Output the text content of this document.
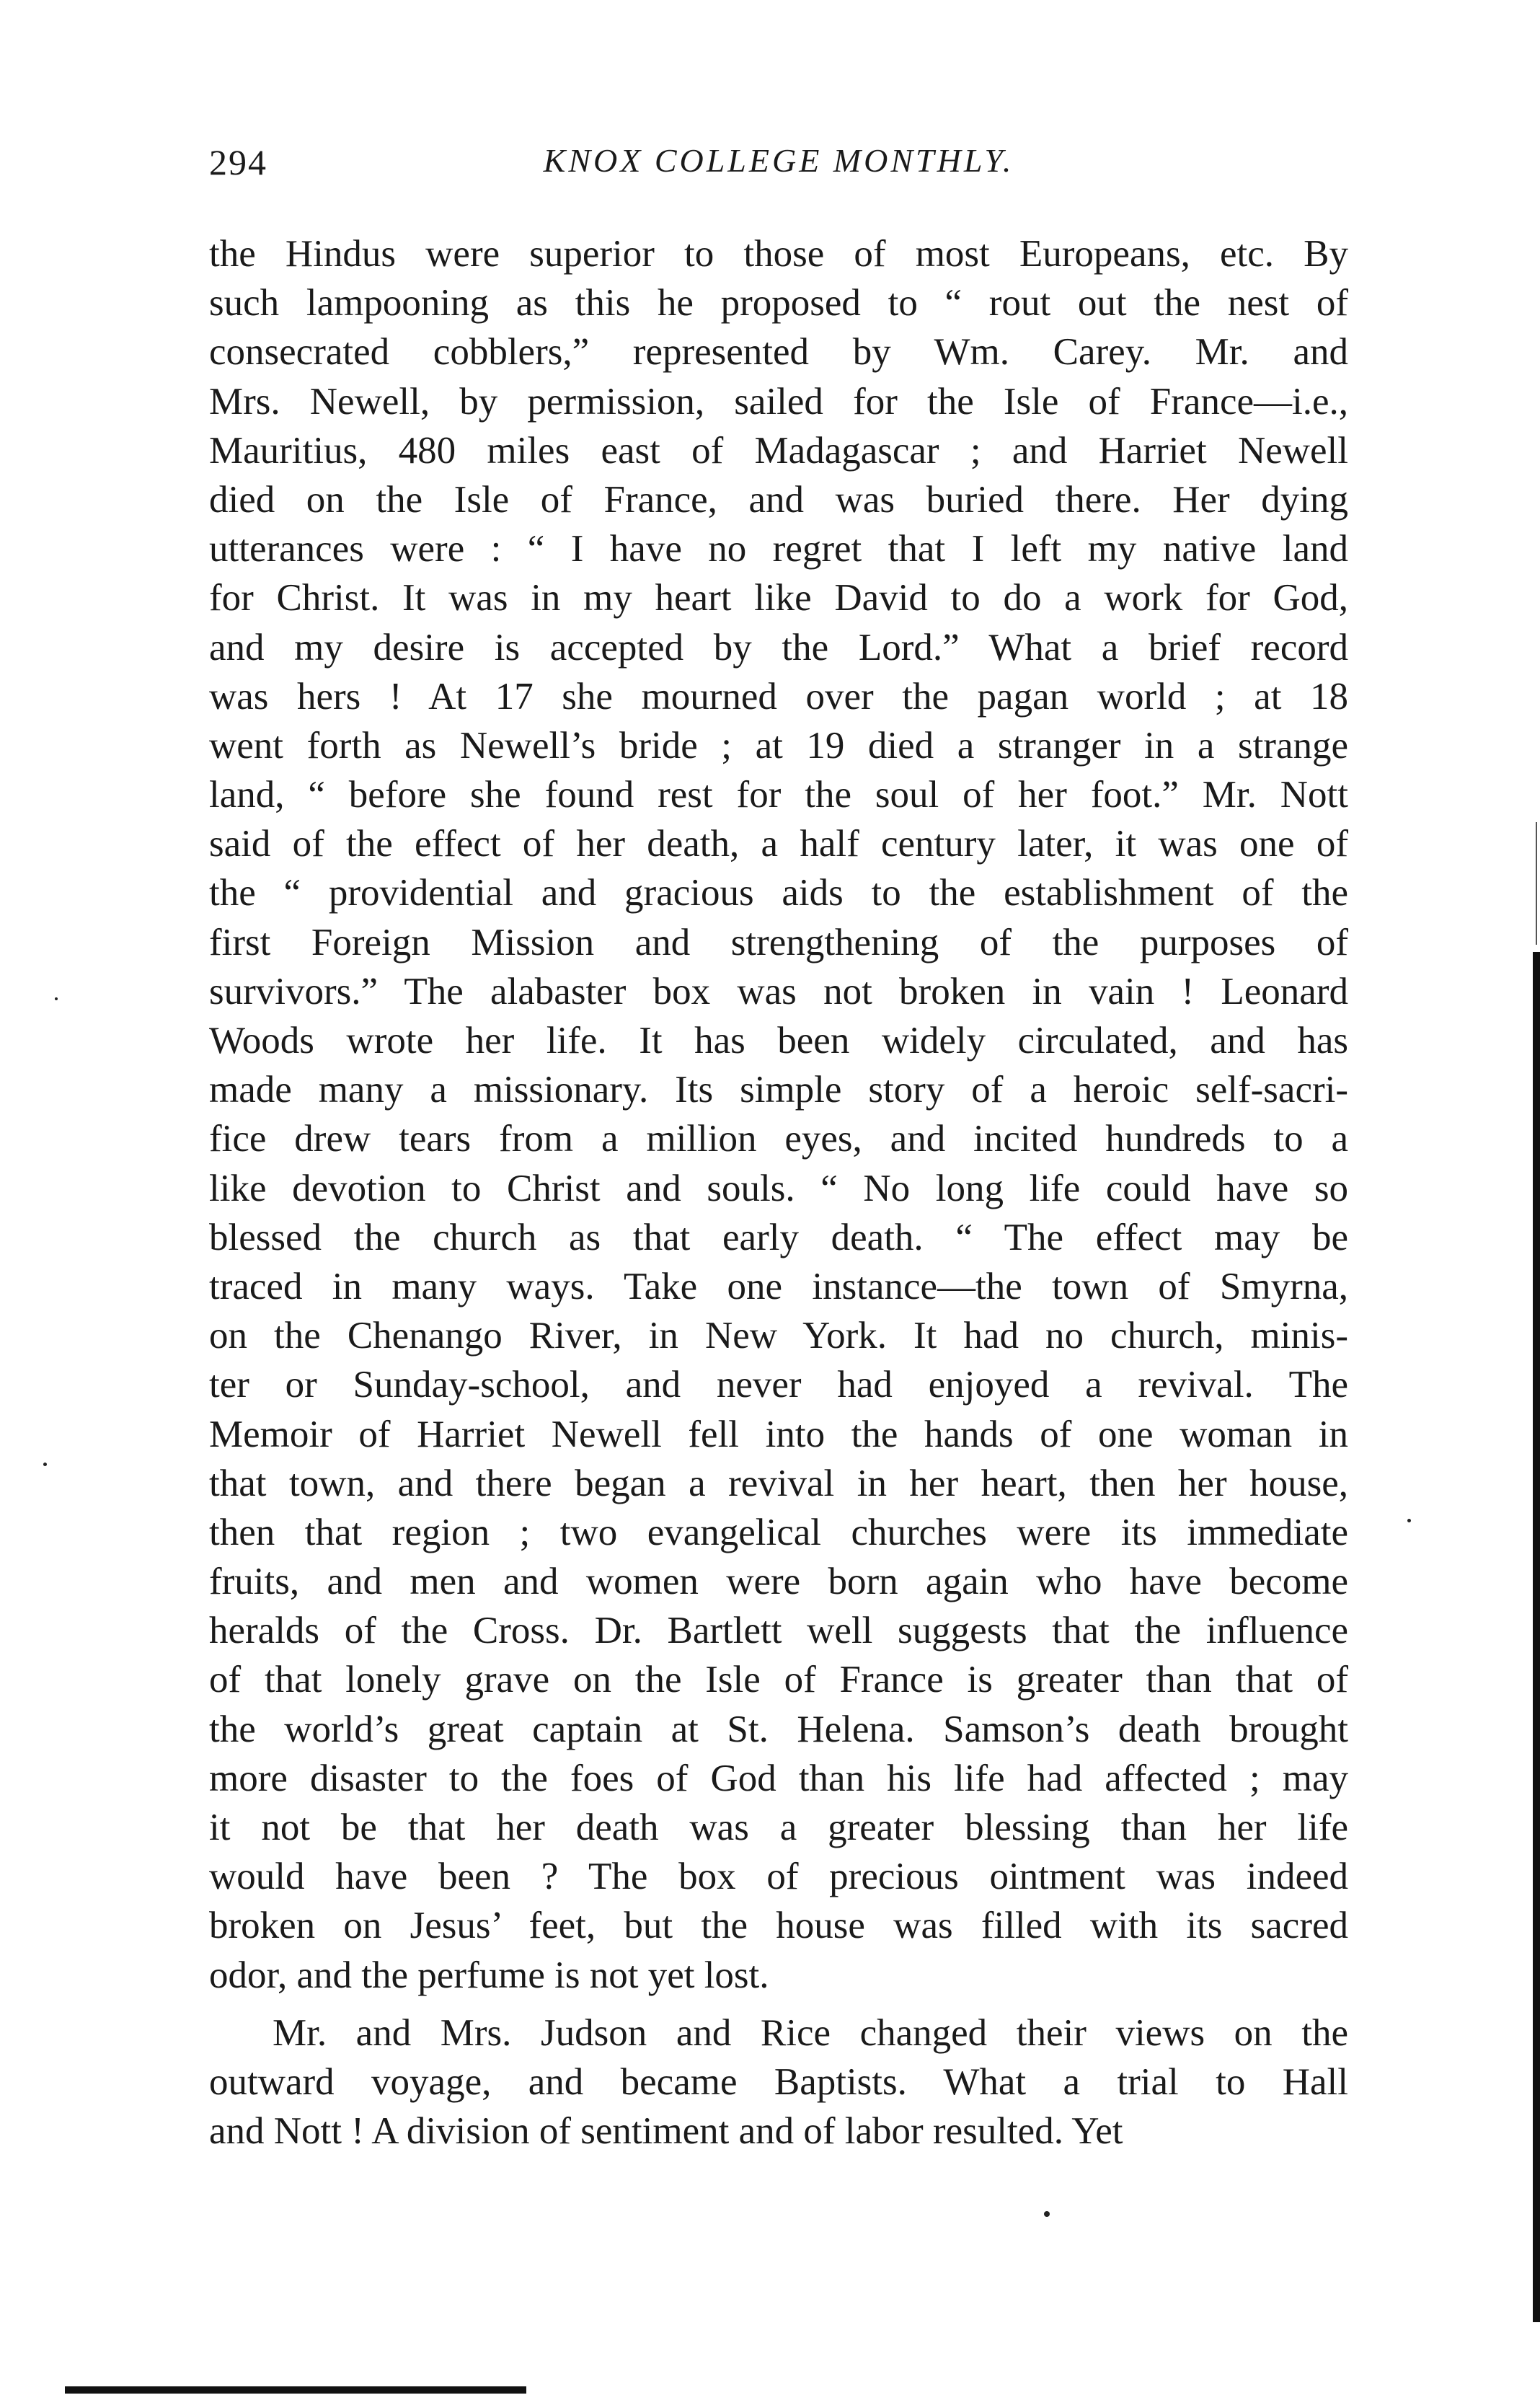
294	KNOX COLLEGE MONTHLY.
the Hindus were superior to those of most Europeans, etc. By
such lampooning as this he proposed to “ rout out the nest of
consecrated cobblers,” represented by Wm. Carey. Mr. and
Mrs. Newell, by permission, sailed for the Isle of France—i.e.,
Mauritius, 480 miles east of Madagascar ; and Harriet Newell
died on the Isle of France, and was buried there. Her dying
utterances were : “ I have no regret that I left my native land
for Christ. It was in my heart like David to do a work for God,
and my desire is accepted by the Lord.” What a brief record
was hers ! At 17 she mourned over the pagan world ; at 18
went forth as Newell’s bride ; at 19 died a stranger in a strange
land, “ before she found rest for the soul of her foot.” Mr. Nott
said of the effect of her death, a half century later, it was one of
the “ providential and gracious aids to the establishment of the
first Foreign Mission and strengthening of the purposes of
survivors.” The alabaster box was not broken in vain ! Leonard
Woods wrote her life. It has been widely circulated, and has
made many a missionary. Its simple story of a heroic self-sacri-
fice drew tears from a million eyes, and incited hundreds to a
like devotion to Christ and souls. “ No long life could have so
blessed the church as that early death. “ The effect may be
traced in many ways. Take one instance—the town of Smyrna,
on the Chenango River, in New York. It had no church, minis-
ter or Sunday-school, and never had enjoyed a revival. The
Memoir of Harriet Newell fell into the hands of one woman in
that town, and there began a revival in her heart, then her house,
then that region ; two evangelical churches were its immediate
fruits, and men and women were born again who have become
heralds of the Cross. Dr. Bartlett well suggests that the influence
of that lonely grave on the Isle of France is greater than that of
the world’s great captain at St. Helena. Samson’s death brought
more disaster to the foes of God than his life had affected ; may
it not be that her death was a greater blessing than her life
would have been ? The box of precious ointment was indeed
broken on Jesus’ feet, but the house was filled with its sacred
odor, and the perfume is not yet lost.
Mr. and Mrs. Judson and Rice changed their views on the
outward voyage, and became Baptists. What a trial to Hall
and Nott ! A division of sentiment and of labor resulted. Yet
